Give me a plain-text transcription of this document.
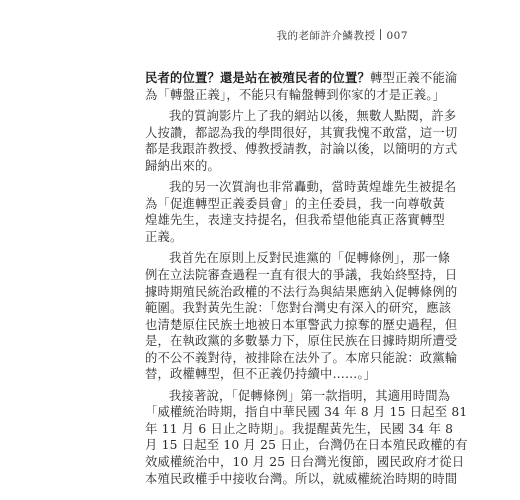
我的老師許介鱗教授 007
民者的位置？還是站在被殖民者的位置？轉型正義不能淪
為「轉盤正義」，不能只有輪盤轉到你家的才是正義。」
我的質詢影片上了我的網站以後，無數人點閱，許多
人按讚，都認為我的學問很好，其實我愧不敢當，這一切
都是我跟許教授、傅教授請教，討論以後，以簡明的方式
歸納出來的。
我的另一次質詢也非常轟動，當時黃煌雄先生被提名
為「促進轉型正義委員會」的主任委員，我一向尊敬黃
煌雄先生，表達支持提名，但我希望他能真正落實轉型
正義。
我首先在原則上反對民進黨的「促轉條例」，那一條
例在立法院審查過程一直有很大的爭議，我始終堅持，日
據時期殖民統治政權的不法行為與結果應納入促轉條例的
範圍。我對黃先生說：「您對台灣史有深入的研究，應該
也清楚原住民族土地被日本軍警武力掠奪的歷史過程，但
是，在執政黨的多數暴力下，原住民族在日據時期所遭受
的不公不義對待，被排除在法外了。本席只能說：政黨輪
替，政權轉型，但不正義仍持續中……。」
我接著說，「促轉條例」第一款指明，其適用時間為
「威權統治時期，指自中華民國 34 年 8 月 15 日起至 81
年 11 月 6 日止之時期」。我提醒黃先生，民國 34 年 8
月 15 日起至 10 月 25 日止，台灣仍在日本殖民政權的有
效威權統治中，10 月 25 日台灣光復節，國民政府才從日
本殖民政權手中接收台灣。所以，就威權統治時期的時間
